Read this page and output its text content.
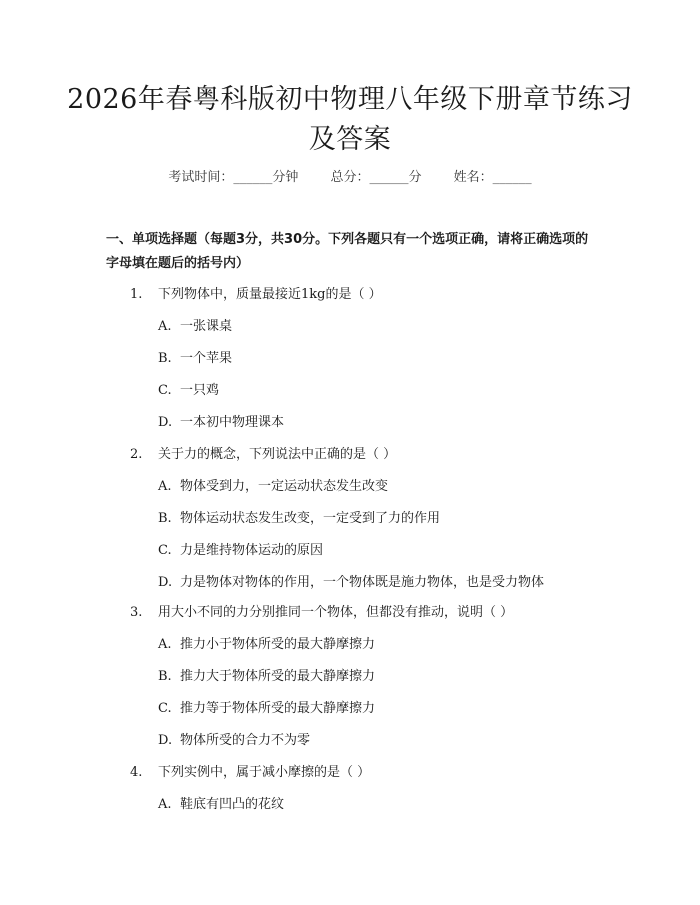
2026年春粤科版初中物理八年级下册章节练习及答案
考试时间：______分钟 总分：______分 姓名：______
一、单项选择题（每题3分，共30分。下列各题只有一个选项正确，请将正确选项的字母填在题后的括号内）
1. 下列物体中，质量最接近1kg的是（ ）
A. 一张课桌
B. 一个苹果
C. 一只鸡
D. 一本初中物理课本
2. 关于力的概念，下列说法中正确的是（ ）
A. 物体受到力，一定运动状态发生改变
B. 物体运动状态发生改变，一定受到了力的作用
C. 力是维持物体运动的原因
D. 力是物体对物体的作用，一个物体既是施力物体，也是受力物体
3. 用大小不同的力分别推同一个物体，但都没有推动，说明（ ）
A. 推力小于物体所受的最大静摩擦力
B. 推力大于物体所受的最大静摩擦力
C. 推力等于物体所受的最大静摩擦力
D. 物体所受的合力不为零
4. 下列实例中，属于减小摩擦的是（ ）
A. 鞋底有凹凸的花纹
